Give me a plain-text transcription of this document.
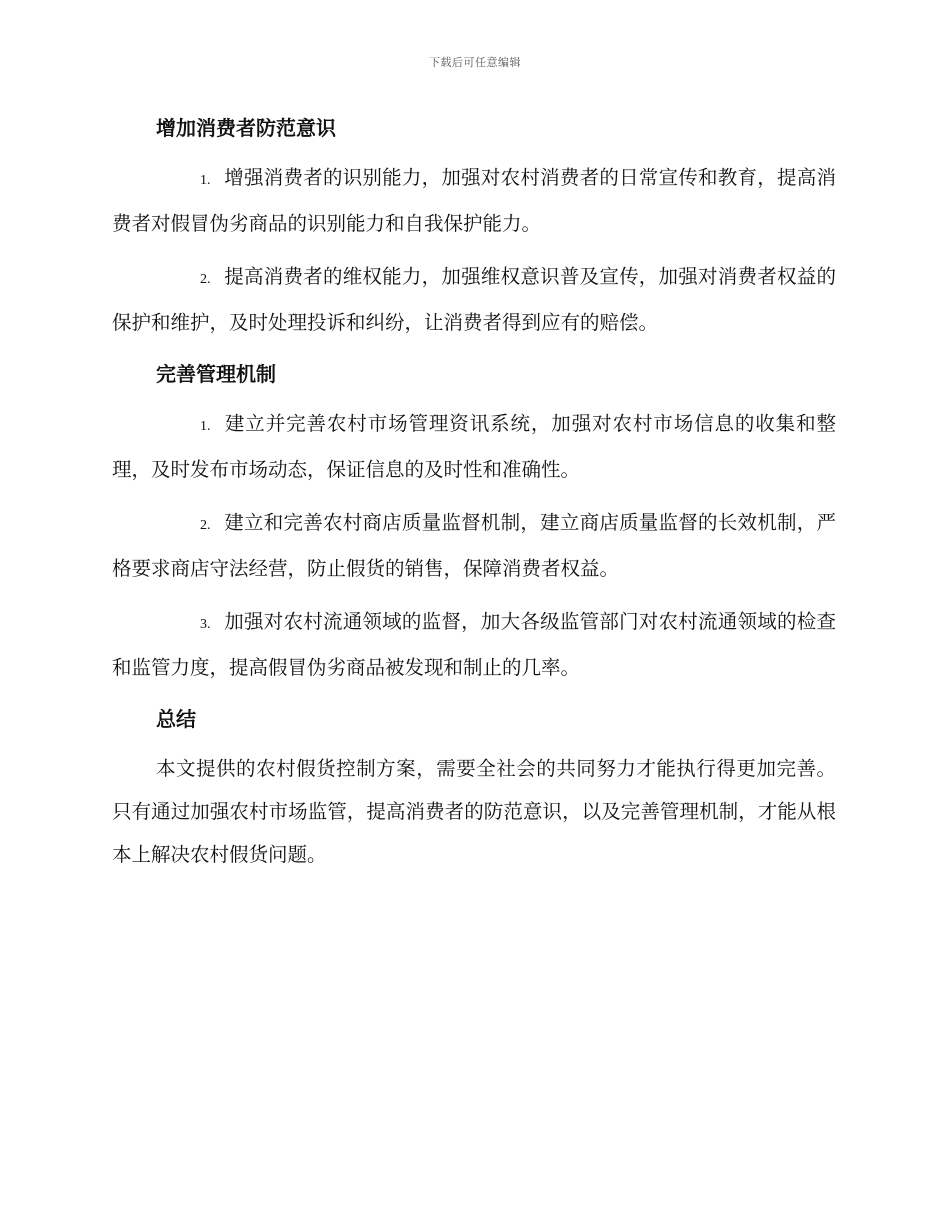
下载后可任意编辑
增加消费者防范意识

1. 增强消费者的识别能力，加强对农村消费者的日常宣传和教育，提高消费者对假冒伪劣商品的识别能力和自我保护能力。

2. 提高消费者的维权能力，加强维权意识普及宣传，加强对消费者权益的保护和维护，及时处理投诉和纠纷，让消费者得到应有的赔偿。

完善管理机制

1. 建立并完善农村市场管理资讯系统，加强对农村市场信息的收集和整理，及时发布市场动态，保证信息的及时性和准确性。

2. 建立和完善农村商店质量监督机制，建立商店质量监督的长效机制，严格要求商店守法经营，防止假货的销售，保障消费者权益。

3. 加强对农村流通领域的监督，加大各级监管部门对农村流通领域的检查和监管力度，提高假冒伪劣商品被发现和制止的几率。

总结

本文提供的农村假货控制方案，需要全社会的共同努力才能执行得更加完善。只有通过加强农村市场监管，提高消费者的防范意识，以及完善管理机制，才能从根本上解决农村假货问题。
